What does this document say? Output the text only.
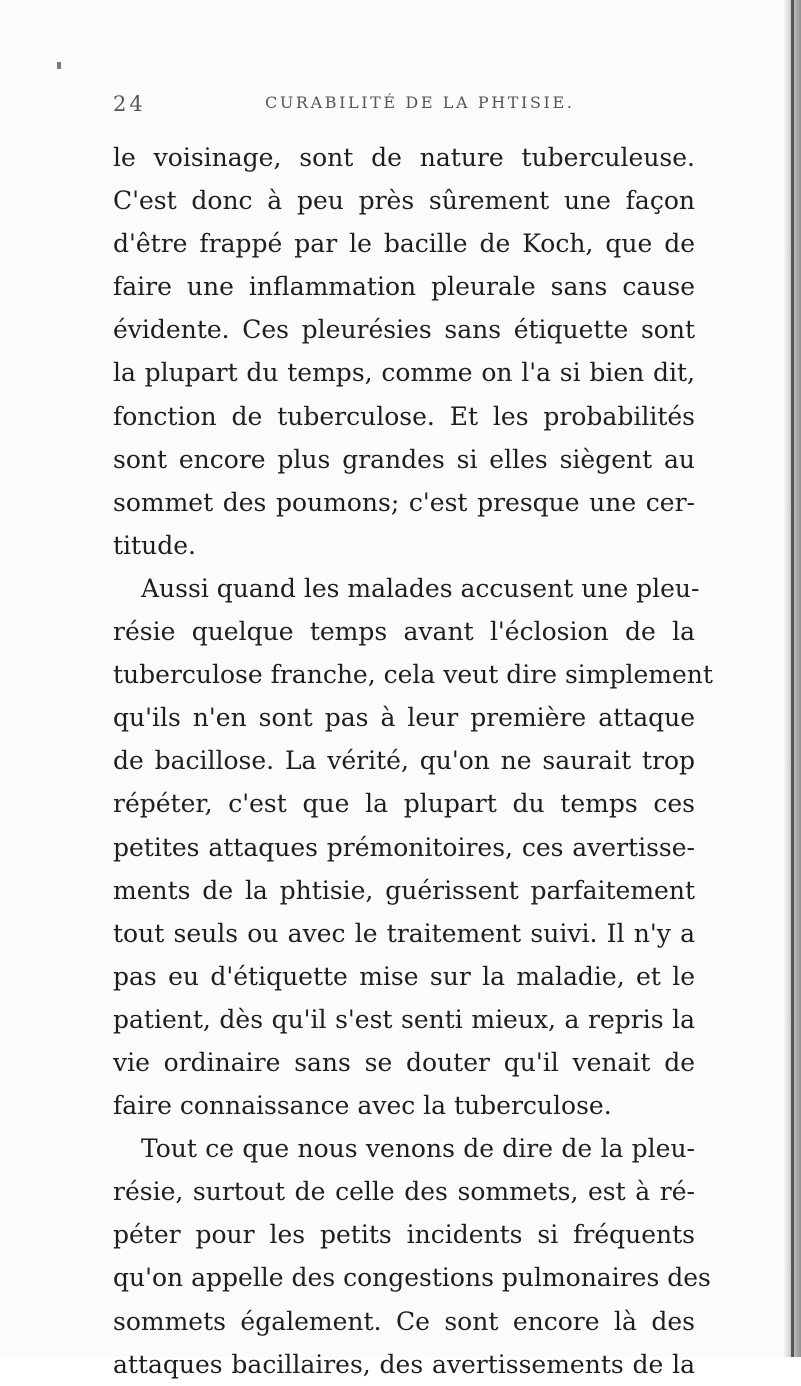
24	CURABILITÉ DE LA PHTISIE.
le voisinage, sont de nature tuberculeuse.
C'est donc à peu près sûrement une façon
d'être frappé par le bacille de Koch, que de
faire une inflammation pleurale sans cause
évidente. Ces pleurésies sans étiquette sont
la plupart du temps, comme on l'a si bien dit,
fonction de tuberculose. Et les probabilités
sont encore plus grandes si elles siègent au
sommet des poumons; c'est presque une cer-
titude.
Aussi quand les malades accusent une pleu-
résie quelque temps avant l'éclosion de la
tuberculose franche, cela veut dire simplement
qu'ils n'en sont pas à leur première attaque
de bacillose. La vérité, qu'on ne saurait trop
répéter, c'est que la plupart du temps ces
petites attaques prémonitoires, ces avertisse-
ments de la phtisie, guérissent parfaitement
tout seuls ou avec le traitement suivi. Il n'y a
pas eu d'étiquette mise sur la maladie, et le
patient, dès qu'il s'est senti mieux, a repris la
vie ordinaire sans se douter qu'il venait de
faire connaissance avec la tuberculose.
Tout ce que nous venons de dire de la pleu-
résie, surtout de celle des sommets, est à ré-
péter pour les petits incidents si fréquents
qu'on appelle des congestions pulmonaires des
sommets également. Ce sont encore là des
attaques bacillaires, des avertissements de la
